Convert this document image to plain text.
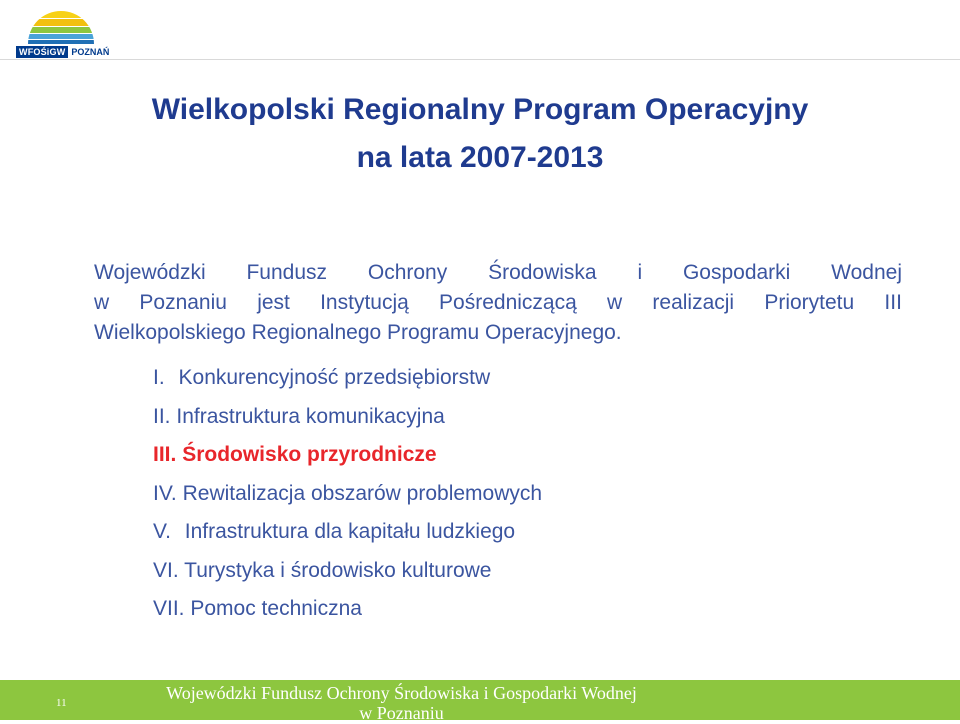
WFOŚiGW POZNAŃ
Wielkopolski Regionalny Program Operacyjny
na lata 2007-2013
Wojewódzki Fundusz Ochrony Środowiska i Gospodarki Wodnej
w Poznaniu jest Instytucją Pośredniczącą w realizacji Priorytetu III
Wielkopolskiego Regionalnego Programu Operacyjnego.
I. Konkurencyjność przedsiębiorstw
II. Infrastruktura komunikacyjna
III. Środowisko przyrodnicze
IV. Rewitalizacja obszarów problemowych
V. Infrastruktura dla kapitału ludzkiego
VI. Turystyka i środowisko kulturowe
VII. Pomoc techniczna
11	Wojewódzki Fundusz Ochrony Środowiska i Gospodarki Wodnej
w Poznaniu
